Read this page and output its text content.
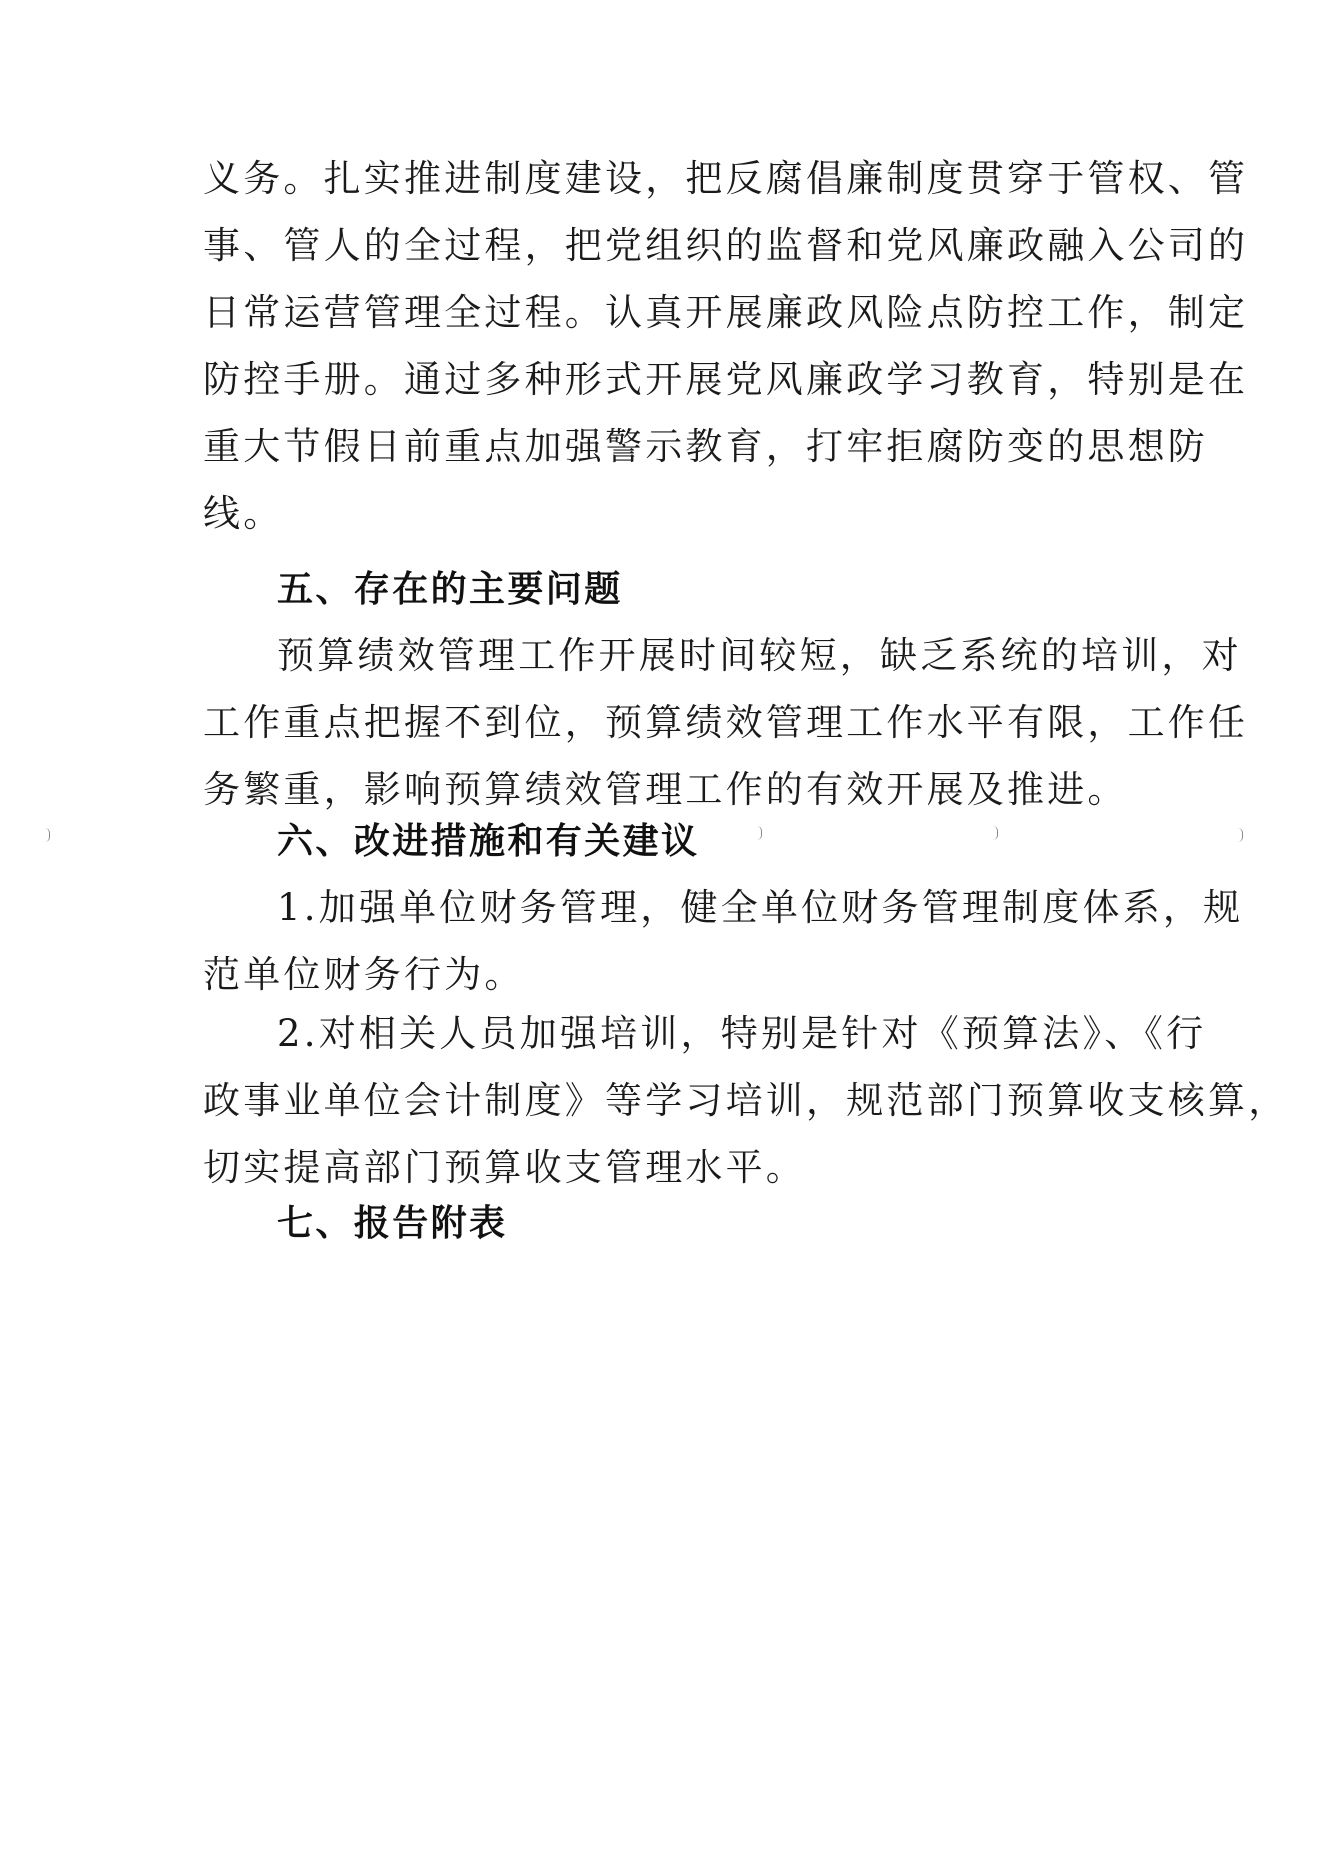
义务。扎实推进制度建设，把反腐倡廉制度贯穿于管权、管
事、管人的全过程，把党组织的监督和党风廉政融入公司的
日常运营管理全过程。认真开展廉政风险点防控工作，制定
防控手册。通过多种形式开展党风廉政学习教育，特别是在
重大节假日前重点加强警示教育，打牢拒腐防变的思想防
线。
五、存在的主要问题
预算绩效管理工作开展时间较短，缺乏系统的培训，对
工作重点把握不到位，预算绩效管理工作水平有限，工作任
务繁重，影响预算绩效管理工作的有效开展及推进。
六、改进措施和有关建议
1.加强单位财务管理，健全单位财务管理制度体系，规
范单位财务行为。
2.对相关人员加强培训，特别是针对《预算法》、《行
政事业单位会计制度》等学习培训，规范部门预算收支核算，
切实提高部门预算收支管理水平。
七、报告附表
